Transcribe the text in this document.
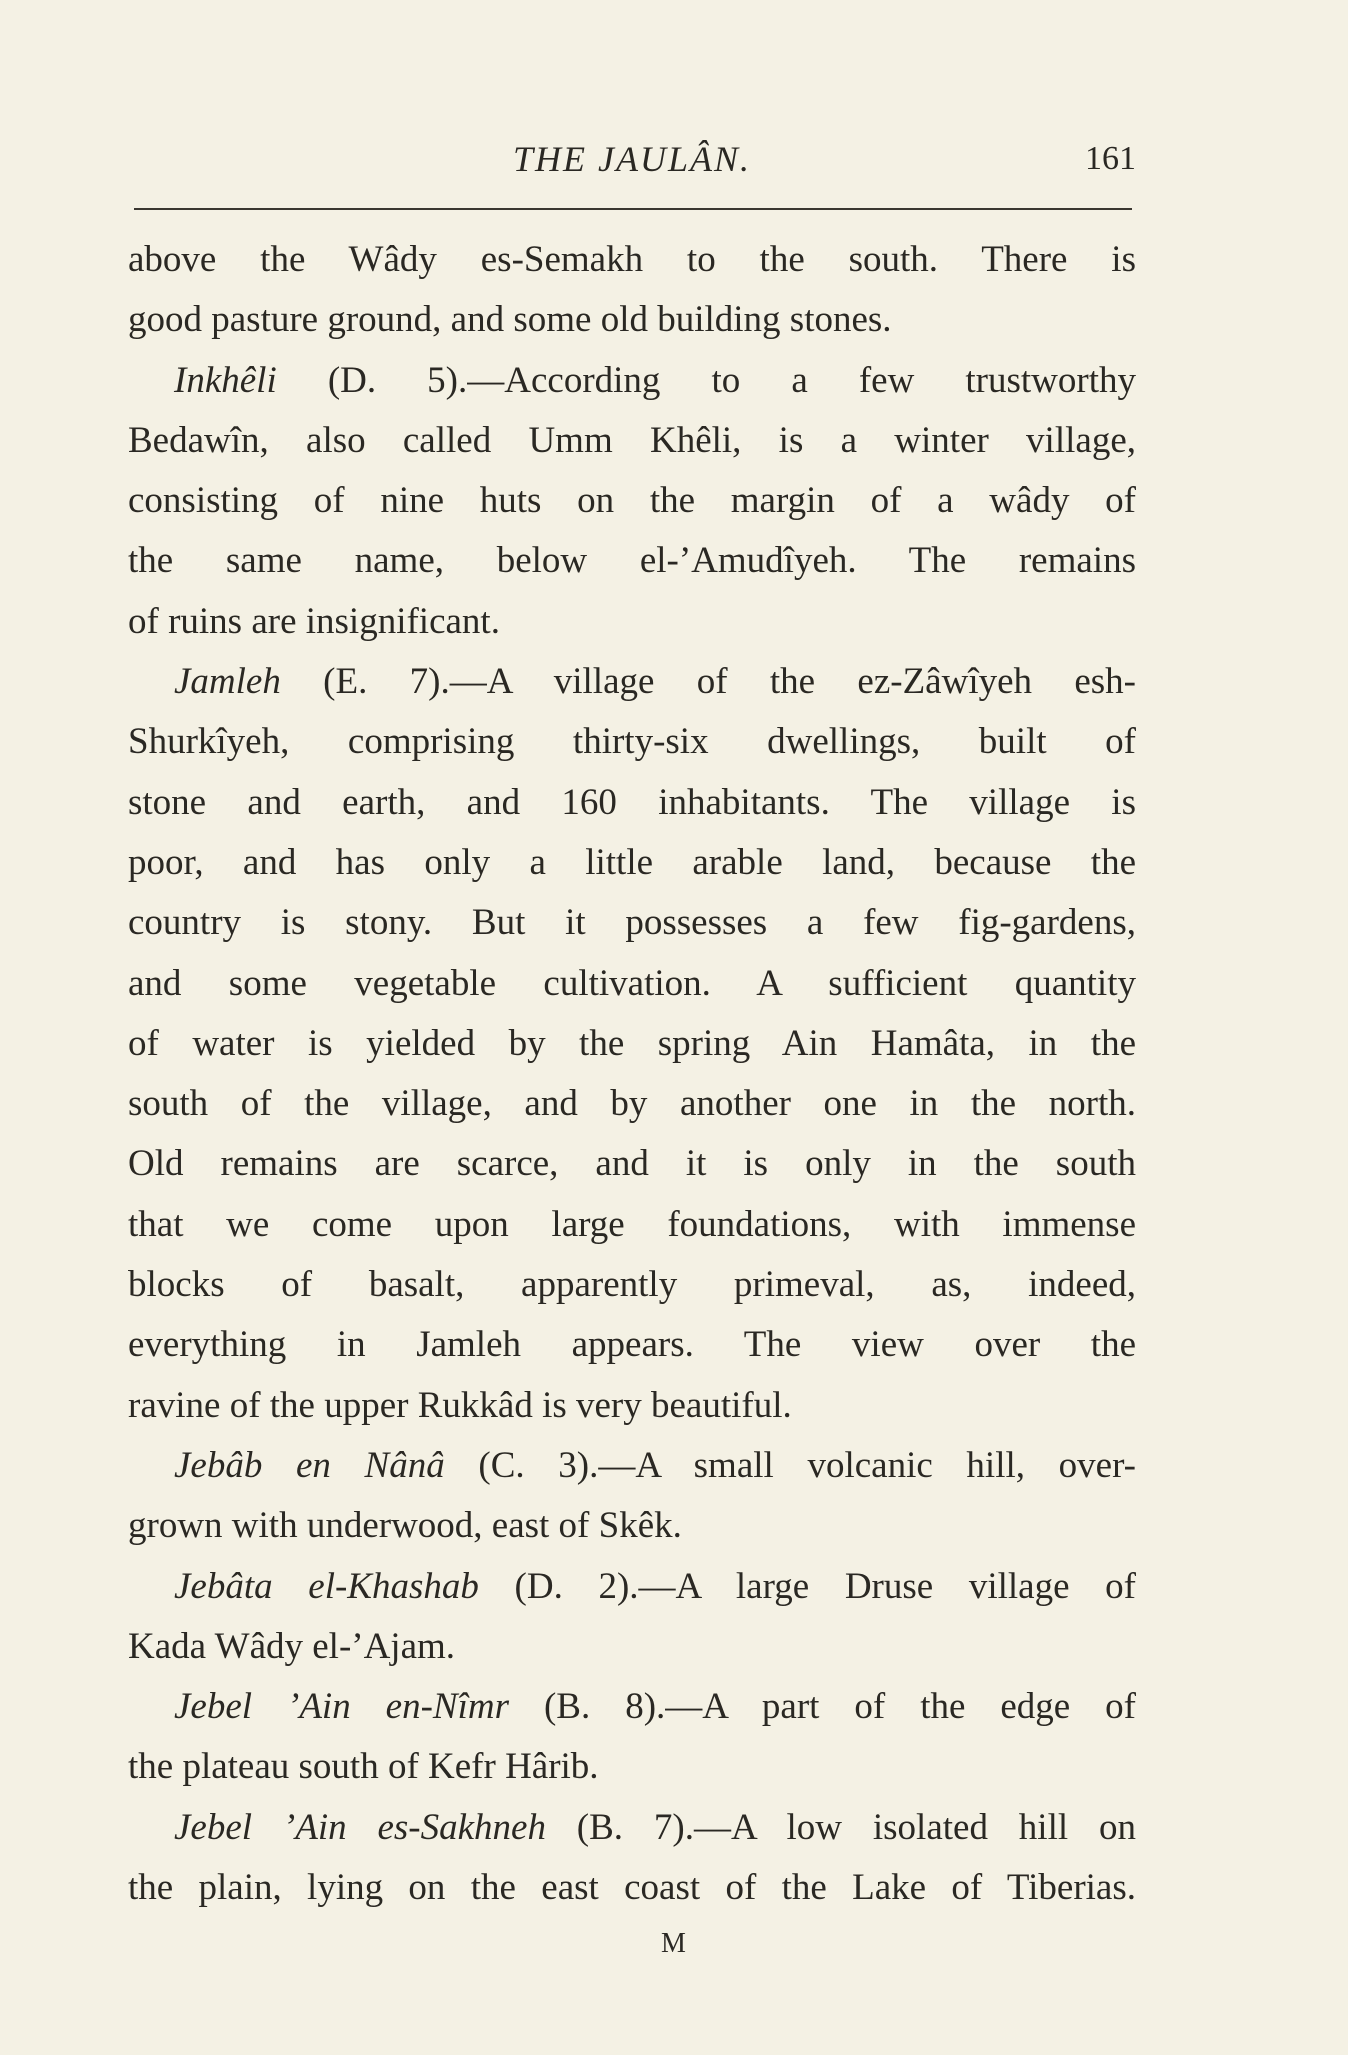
THE JAULÂN.	161
above the Wâdy es-Semakh to the south. There is
good pasture ground, and some old building stones.
Inkhêli (D. 5).—According to a few trustworthy
Bedawîn, also called Umm Khêli, is a winter village,
consisting of nine huts on the margin of a wâdy of
the same name, below el-’Amudîyeh. The remains
of ruins are insignificant.
Jamleh (E. 7).—A village of the ez-Zâwîyeh esh-
Shurkîyeh, comprising thirty-six dwellings, built of
stone and earth, and 160 inhabitants. The village is
poor, and has only a little arable land, because the
country is stony. But it possesses a few fig-gardens,
and some vegetable cultivation. A sufficient quantity
of water is yielded by the spring Ain Hamâta, in the
south of the village, and by another one in the north.
Old remains are scarce, and it is only in the south
that we come upon large foundations, with immense
blocks of basalt, apparently primeval, as, indeed,
everything in Jamleh appears. The view over the
ravine of the upper Rukkâd is very beautiful.
Jebâb en Nânâ (C. 3).—A small volcanic hill, over-
grown with underwood, east of Skêk.
Jebâta el-Khashab (D. 2).—A large Druse village of
Kada Wâdy el-’Ajam.
Jebel ’Ain en-Nîmr (B. 8).—A part of the edge of
the plateau south of Kefr Hârib.
Jebel ’Ain es-Sakhneh (B. 7).—A low isolated hill on
the plain, lying on the east coast of the Lake of Tiberias.
M
